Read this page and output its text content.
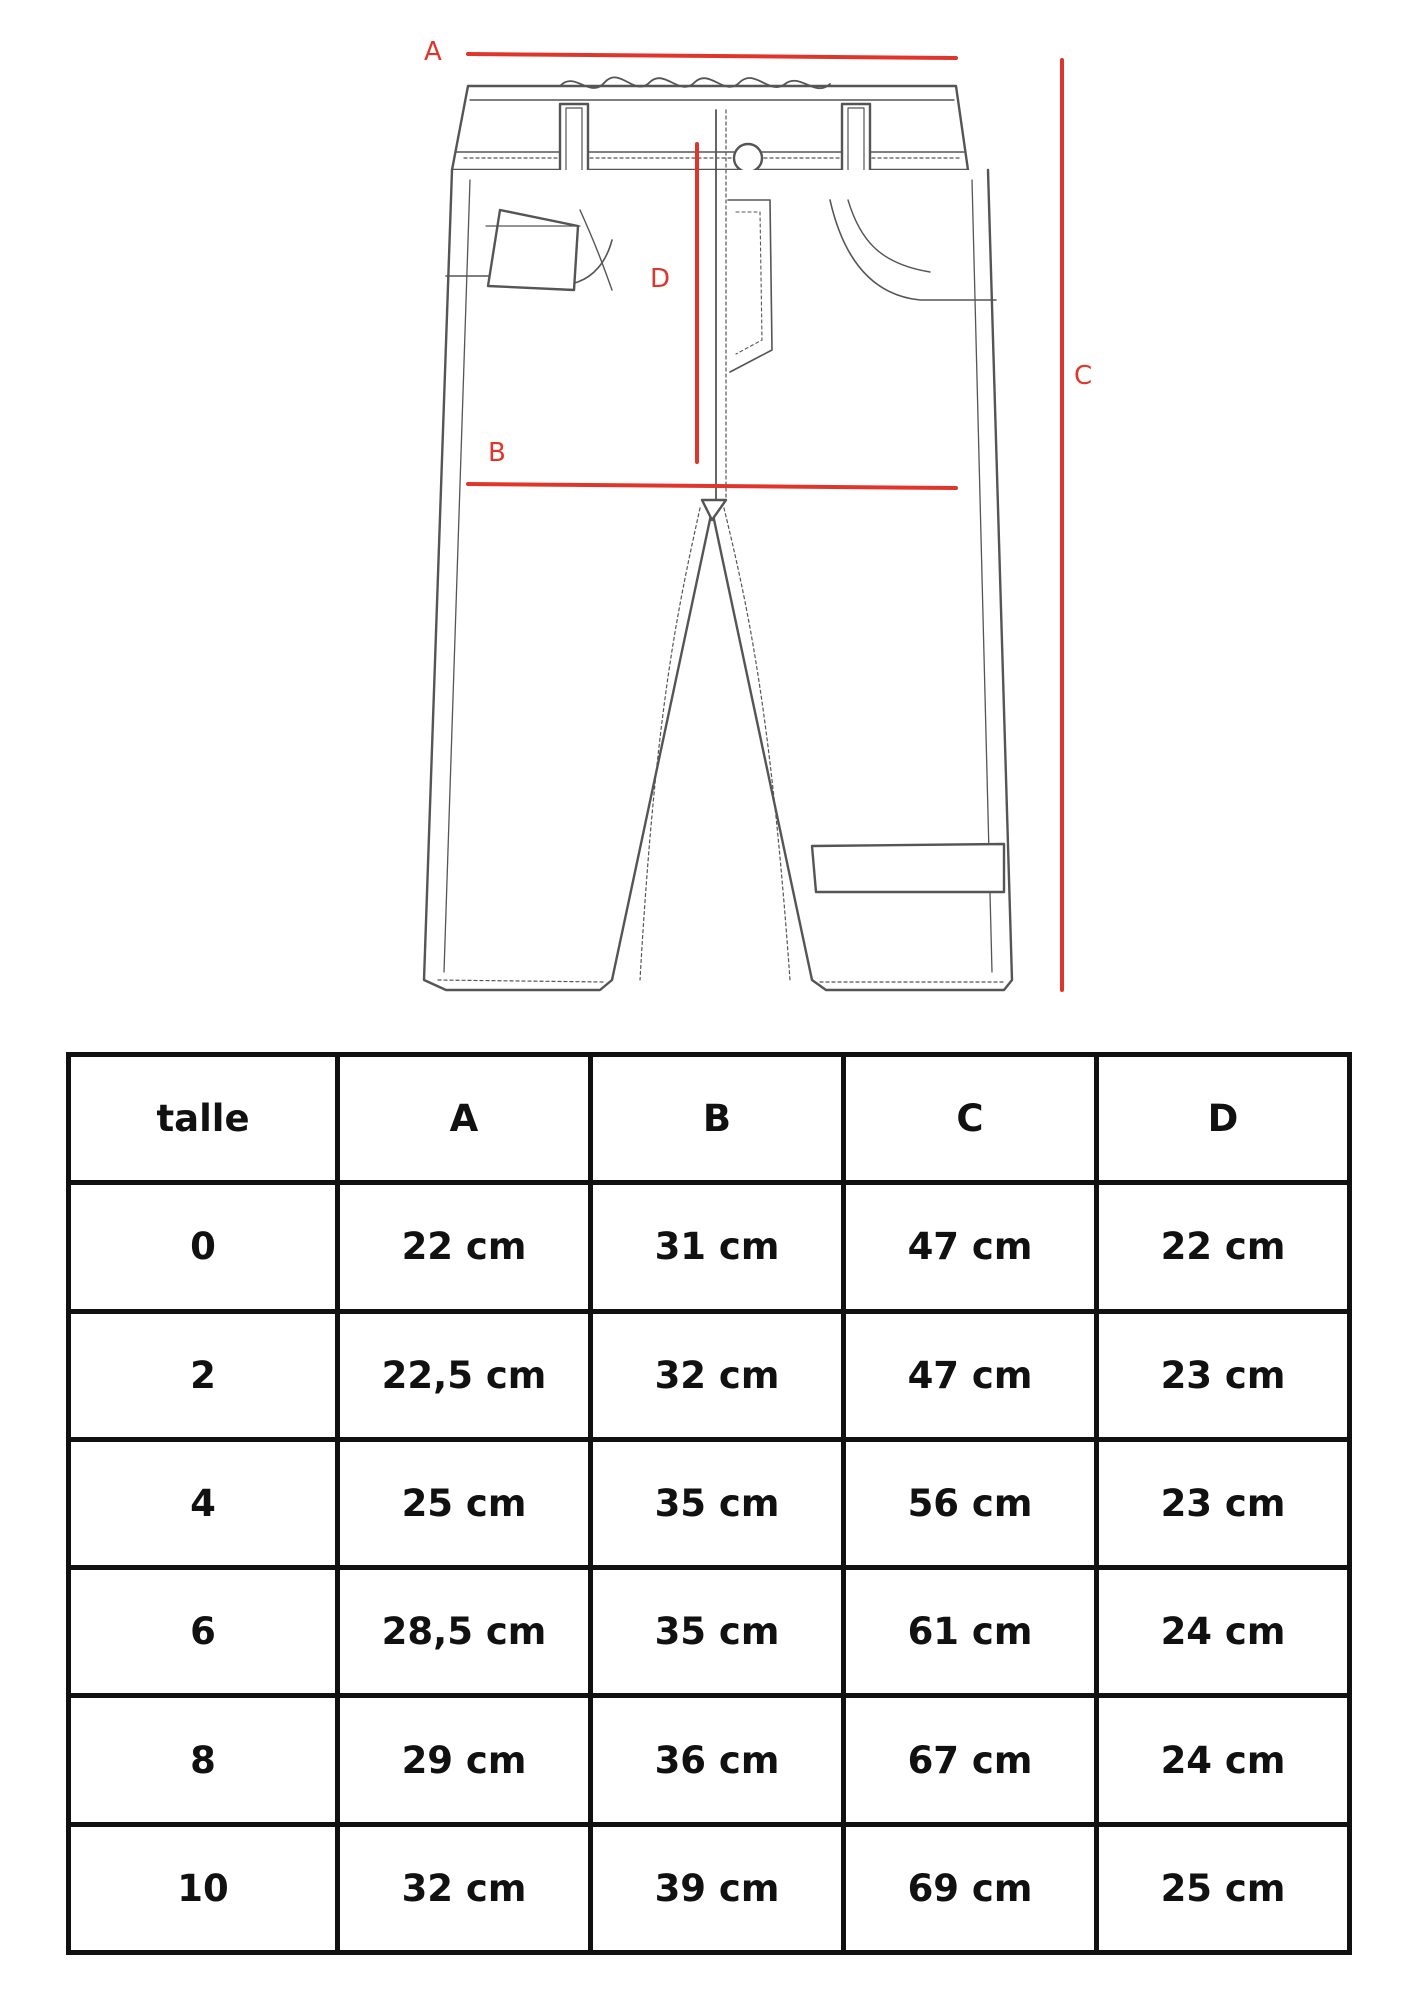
A
B
C
D
talle	A	B	C	D
0	22 cm	31 cm	47 cm	22 cm
2	22,5 cm	32 cm	47 cm	23 cm
4	25 cm	35 cm	56 cm	23 cm
6	28,5 cm	35 cm	61 cm	24 cm
8	29 cm	36 cm	67 cm	24 cm
10	32 cm	39 cm	69 cm	25 cm
